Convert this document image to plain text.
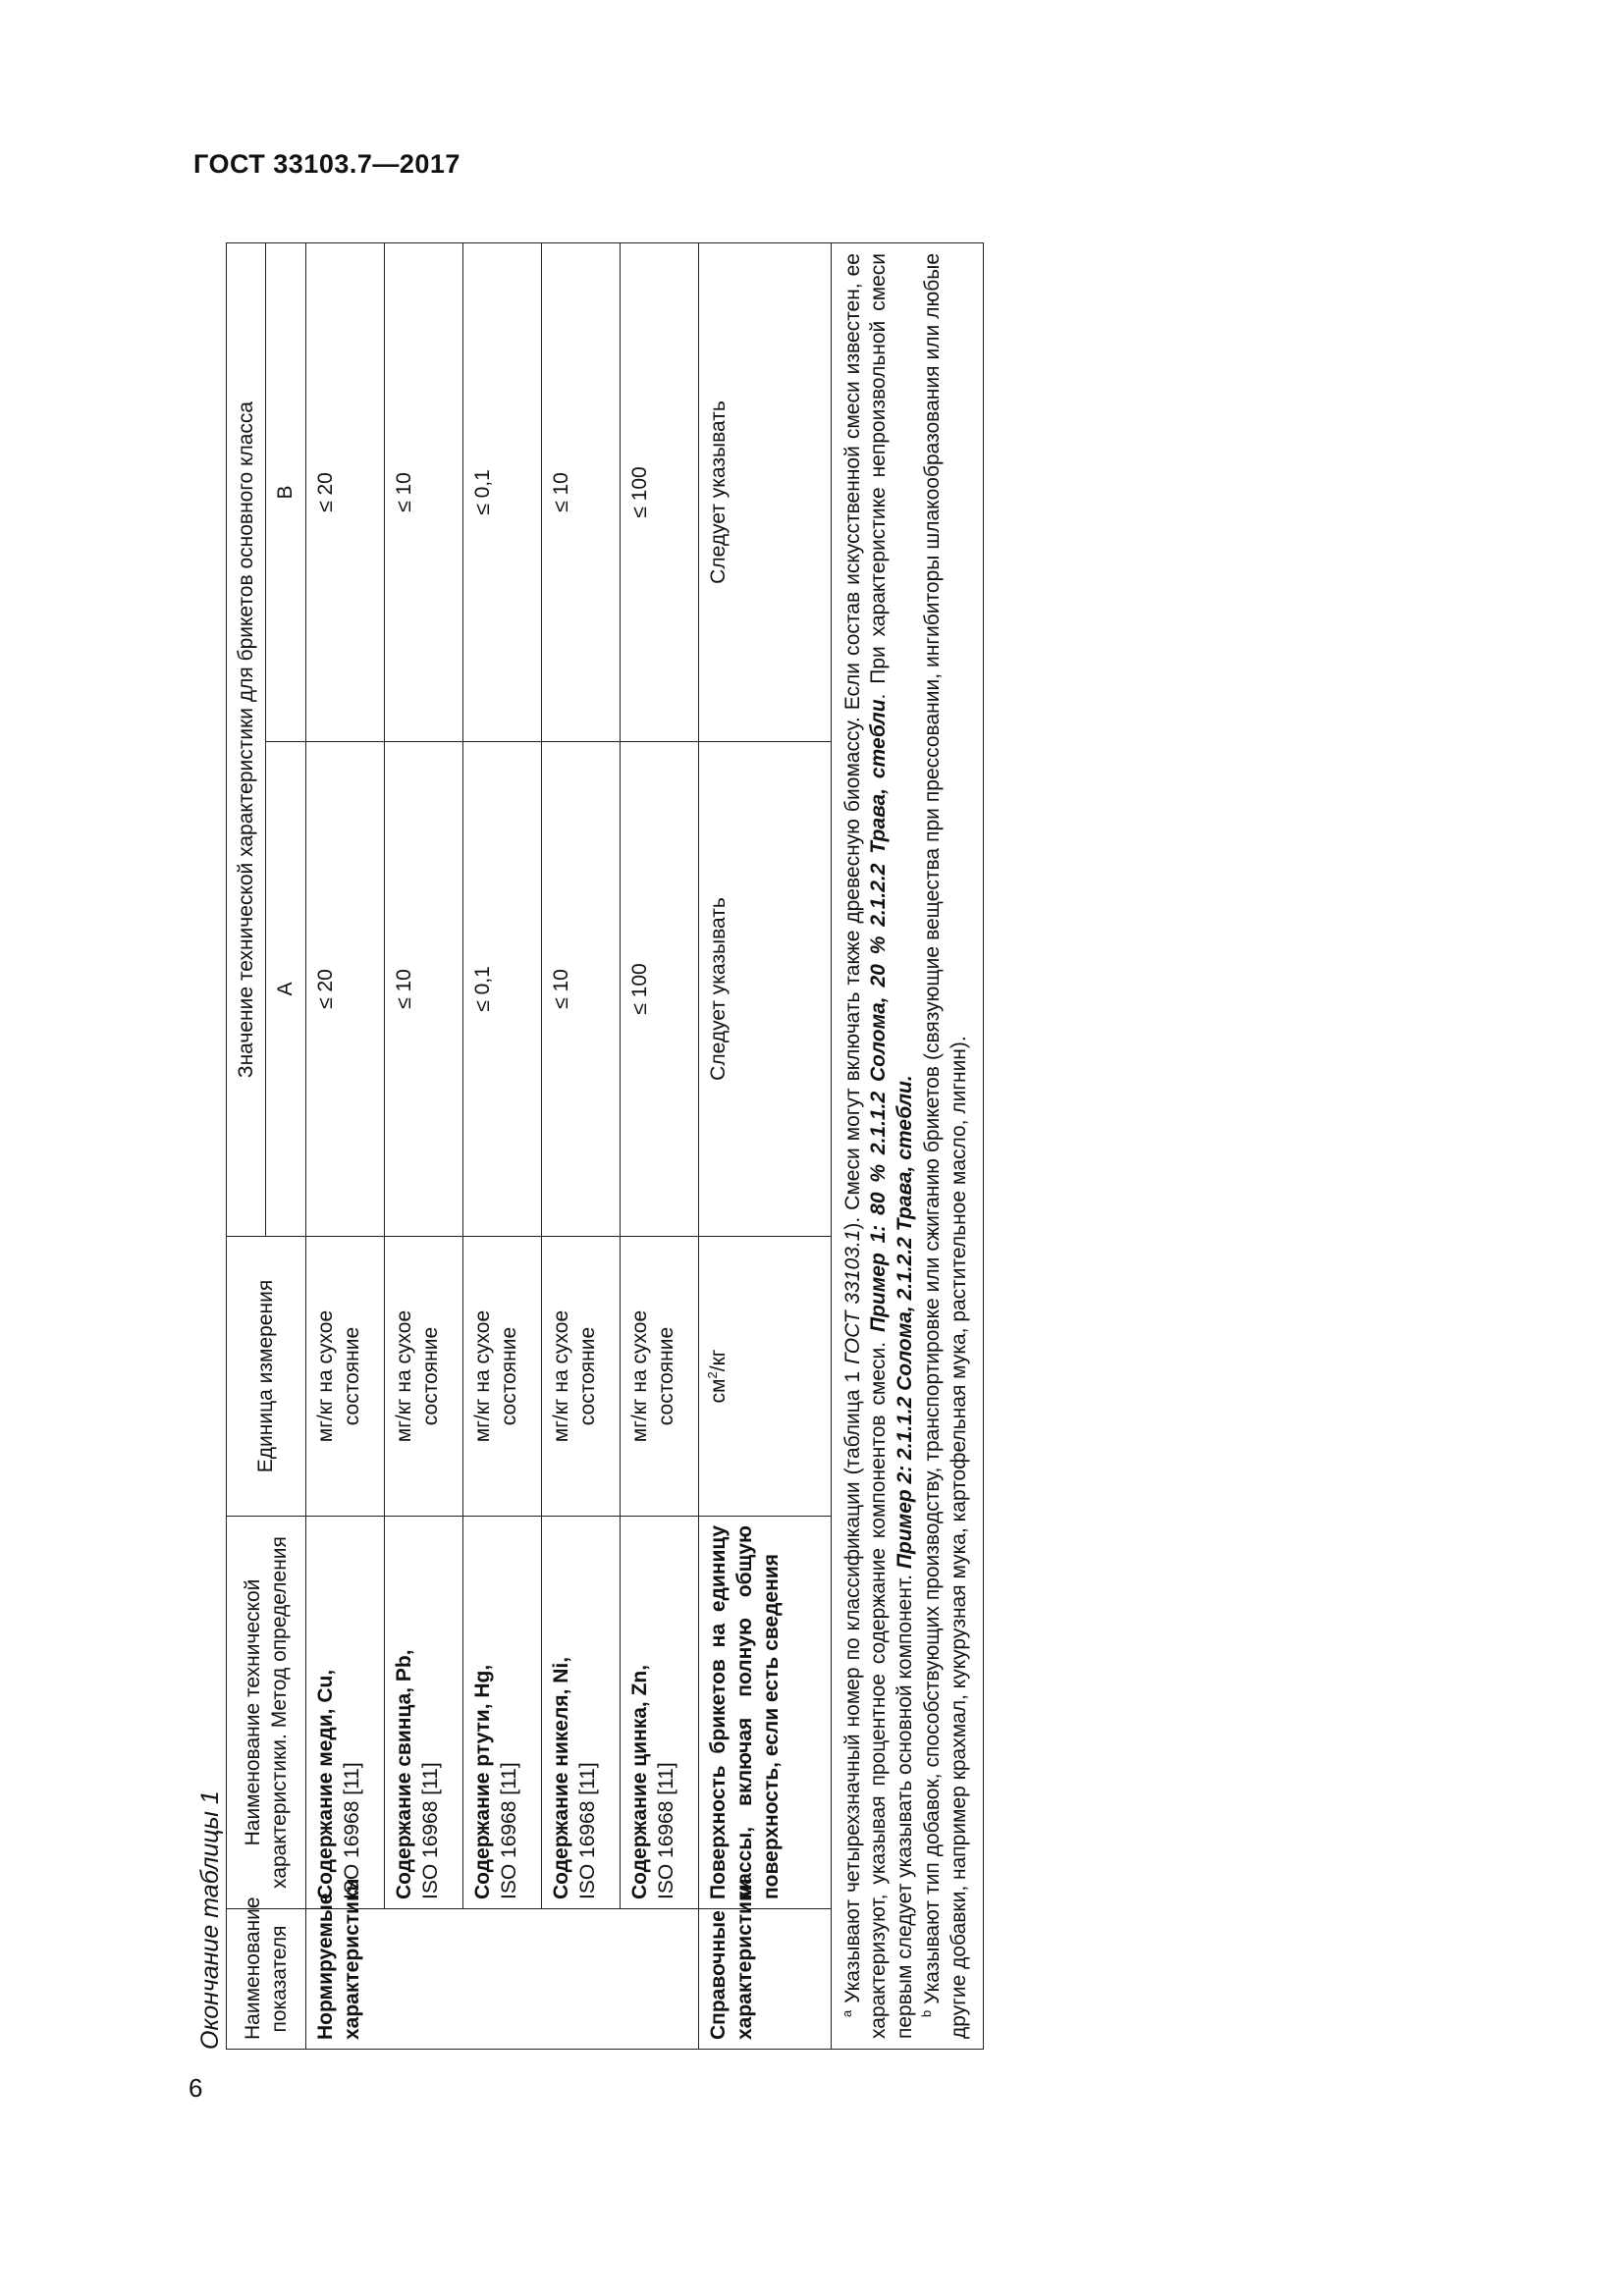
ГОСТ 33103.7—2017
6
Окончание таблицы 1 Наименование показателя	Наименование технической характеристики. Метод определения	Единица измерения	Значение технической характеристики для брикетов основного класса	
			А	В
Нормируемые характеристики	Содержание меди, Cu, ISO 16968 [11]	мг/кг на сухое состояние	≤ 20	≤ 20
	Содержание свинца, Pb, ISO 16968 [11]	мг/кг на сухое состояние	≤ 10	≤ 10
	Содержание ртути, Hg, ISO 16968 [11]	мг/кг на сухое состояние	≤ 0,1	≤ 0,1
	Содержание никеля, Ni, ISO 16968 [11]	мг/кг на сухое состояние	≤ 10	≤ 10
	Содержание цинка, Zn, ISO 16968 [11]	мг/кг на сухое состояние	≤ 100	≤ 100
Справочные характеристики	Поверхность брикетов на единицу массы, включая полную общую поверхность, если есть сведения	$см^2/кг$	Следует указывать	Следует указывать

$^а$ Указывают четырехзначный номер по классификации (таблица 1 ГОСТ 33103.1). Смеси могут включать также древесную биомассу. Если состав искусственной смеси известен, ее характеризуют, указывая процентное содержание компонентов смеси. Пример 1: 80 % 2.1.1.2 Солома, 20 % 2.1.2.2 Трава, стебли. При характеристике непроизвольной смеси первым следует указывать основной компонент. Пример 2: 2.1.1.2 Солома, 2.1.2.2 Трава, стебли.

$^b$ Указывают тип добавок, способствующих производству, транспортировке или сжиганию брикетов (связующие вещества при прессовании, ингибиторы шлакообразования или любые другие добавки, например крахмал, кукурузная мука, картофельная мука, растительное масло, лигнин).				
